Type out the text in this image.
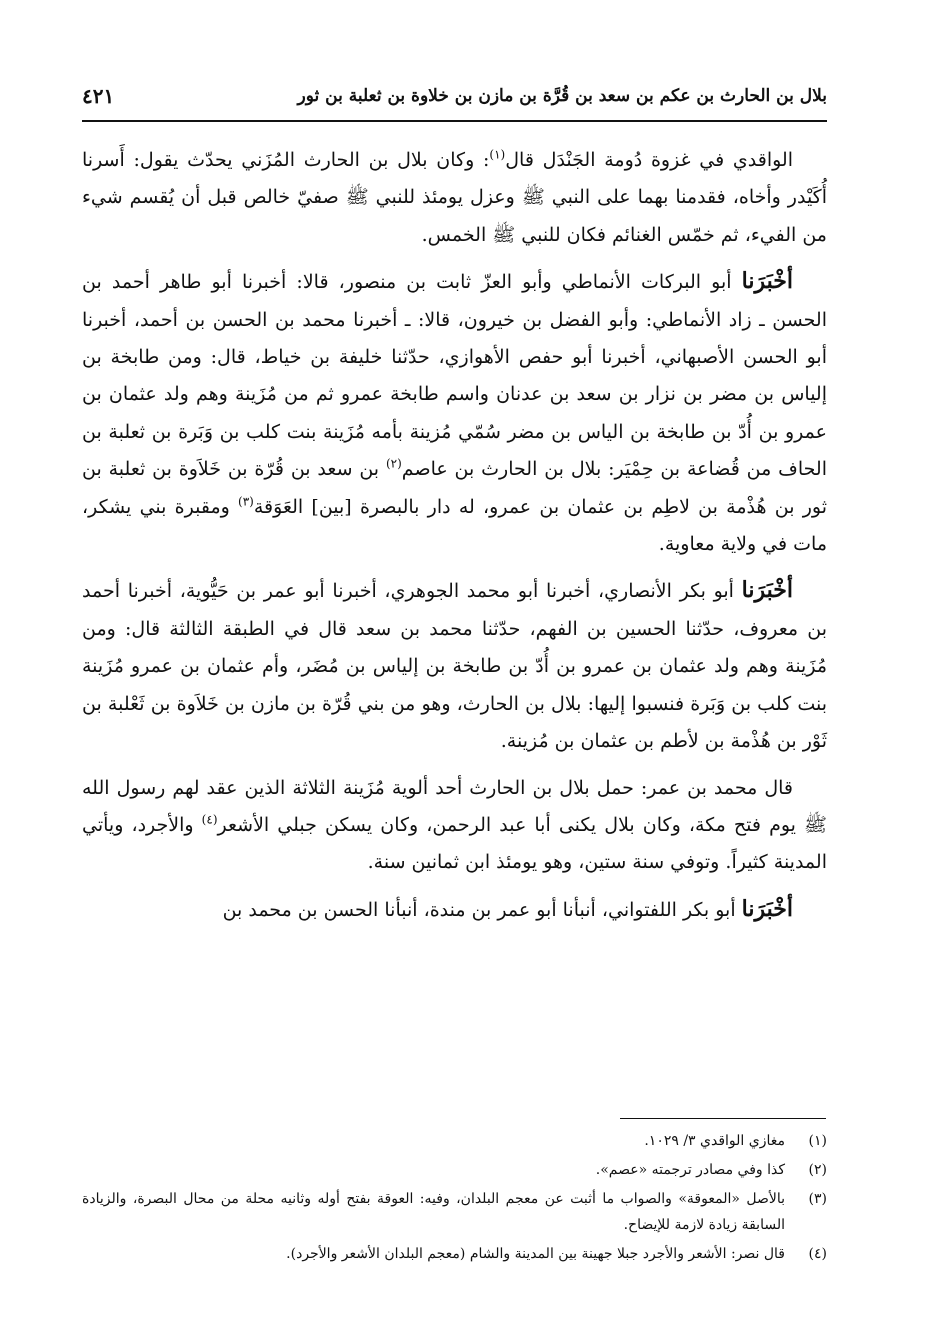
بلال بن الحارث بن عكم بن سعد بن قُرَّة بن مازن بن خلاوة بن ثعلبة بن ثور
٤٢١

الواقدي في غزوة دُومة الجَنْدَل قال$^{(١)}$: وكان بلال بن الحارث المُزَني يحدّث يقول: أَسرنا أُكَيْدر وأخاه، فقدمنا بهما على النبي ﷺ وعزل يومئذ للنبي ﷺ صفيّ خالص قبل أن يُقسم شيء من الفيء، ثم خمّس الغنائم فكان للنبي ﷺ الخمس.

أخْبَرَنا أبو البركات الأنماطي وأبو العزّ ثابت بن منصور، قالا: أخبرنا أبو طاهر أحمد بن الحسن ـ زاد الأنماطي: وأبو الفضل بن خيرون، قالا: ـ أخبرنا محمد بن الحسن بن أحمد، أخبرنا أبو الحسن الأصبهاني، أخبرنا أبو حفص الأهوازي، حدّثنا خليفة بن خياط، قال: ومن طابخة بن إلياس بن مضر بن نزار بن سعد بن عدنان واسم طابخة عمرو ثم من مُزَينة وهم ولد عثمان بن عمرو بن أُدّ بن طابخة بن الياس بن مضر سُمّي مُزينة بأمه مُزَينة بنت كلب بن وَبَرة بن ثعلبة بن الحاف من قُضاعة بن حِمْيَر: بلال بن الحارث بن عاصم$^{(٢)}$ بن سعد بن قُرّة بن خَلاَوة بن ثعلبة بن ثور بن هُذْمة بن لاطِم بن عثمان بن عمرو، له دار بالبصرة [بين] العَوَقة$^{(٣)}$ ومقبرة بني يشكر، مات في ولاية معاوية.

أخْبَرَنا أبو بكر الأنصاري، أخبرنا أبو محمد الجوهري، أخبرنا أبو عمر بن حَيُّوية، أخبرنا أحمد بن معروف، حدّثنا الحسين بن الفهم، حدّثنا محمد بن سعد قال في الطبقة الثالثة قال: ومن مُزَينة وهم ولد عثمان بن عمرو بن أُدّ بن طابخة بن إلياس بن مُضَر، وأم عثمان بن عمرو مُزَينة بنت كلب بن وَبَرة فنسبوا إليها: بلال بن الحارث، وهو من بني قُرّة بن مازن بن خَلاَوة بن ثَعْلبة بن ثَوْر بن هُذْمة بن لأطم بن عثمان بن مُزينة.

قال محمد بن عمر: حمل بلال بن الحارث أحد ألوية مُزَينة الثلاثة الذين عقد لهم رسول الله ﷺ يوم فتح مكة، وكان بلال يكنى أبا عبد الرحمن، وكان يسكن جبلي الأشعر$^{(٤)}$ والأجرد، ويأتي المدينة كثيراً. وتوفي سنة ستين، وهو يومئذ ابن ثمانين سنة.

أخْبَرَنا أبو بكر اللفتواني، أنبأنا أبو عمر بن مندة، أنبأنا الحسن بن محمد بن

(١)
مغازي الواقدي ٣/ ١٠٢٩.
(٢)
كذا وفي مصادر ترجمته «عصم».
(٣)
بالأصل «المعوقة» والصواب ما أثبت عن معجم البلدان، وفيه: العوقة بفتح أوله وثانيه محلة من محال البصرة، والزيادة السابقة زيادة لازمة للإيضاح.
(٤)
قال نصر: الأشعر والأجرد جبلا جهينة بين المدينة والشام (معجم البلدان الأشعر والأجرد).
